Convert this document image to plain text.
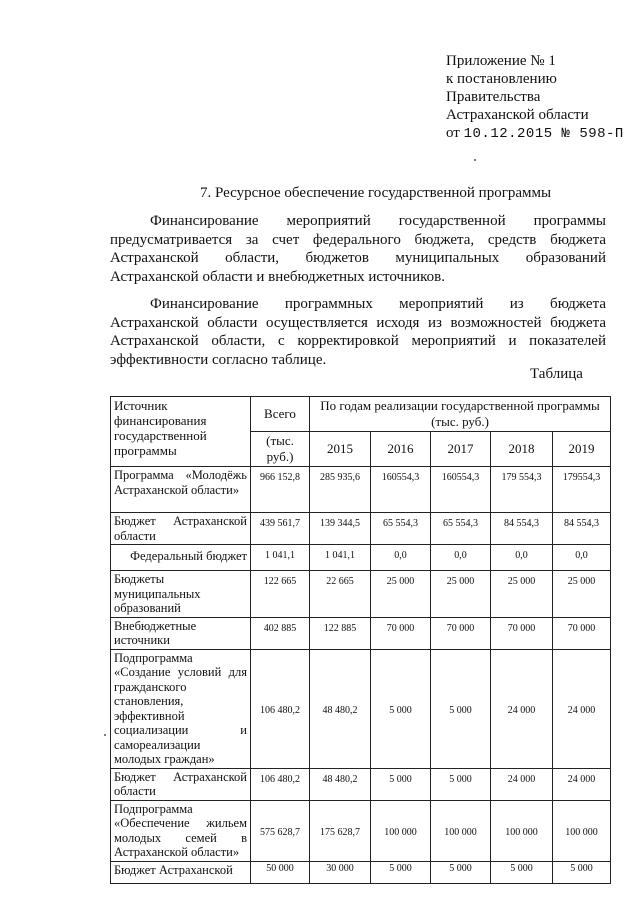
Приложение № 1
к постановлению
Правительства
Астраханской области
от 10.12.2015 № 598-П
7. Ресурсное обеспечение государственной программы
Финансирование мероприятий государственной программы предусматривается за счет федерального бюджета, средств бюджета Астраханской области, бюджетов муниципальных образований Астраханской области и внебюджетных источников.
Финансирование программных мероприятий из бюджета Астраханской области осуществляется исходя из возможностей бюджета Астраханской области, с корректировкой мероприятий и показателей эффективности согласно таблице.
Таблица
Источник финансирования государственной программы	Всего	По годам реализации государственной программы (тыс. руб.)				
	(тыс. руб.)	2015	2016	2017	2018	2019
Программа «Молодёжь Астраханской области»	966 152,8	285 935,6	160554,3	160554,3	179 554,3	179554,3
Бюджет Астраханской области	439 561,7	139 344,5	65 554,3	65 554,3	84 554,3	84 554,3
Федеральный бюджет	1 041,1	1 041,1	0,0	0,0	0,0	0,0
Бюджеты муниципальных образований	122 665	22 665	25 000	25 000	25 000	25 000
Внебюджетные источники	402 885	122 885	70 000	70 000	70 000	70 000
Подпрограмма «Создание условий для гражданского становления, эффективной социализации и самореализации молодых граждан»	106 480,2	48 480,2	5 000	5 000	24 000	24 000
Бюджет Астраханской области	106 480,2	48 480,2	5 000	5 000	24 000	24 000
Подпрограмма «Обеспечение жильем молодых семей в Астраханской области»	575 628,7	175 628,7	100 000	100 000	100 000	100 000
Бюджет Астраханской	50 000	30 000	5 000	5 000	5 000	5 000
